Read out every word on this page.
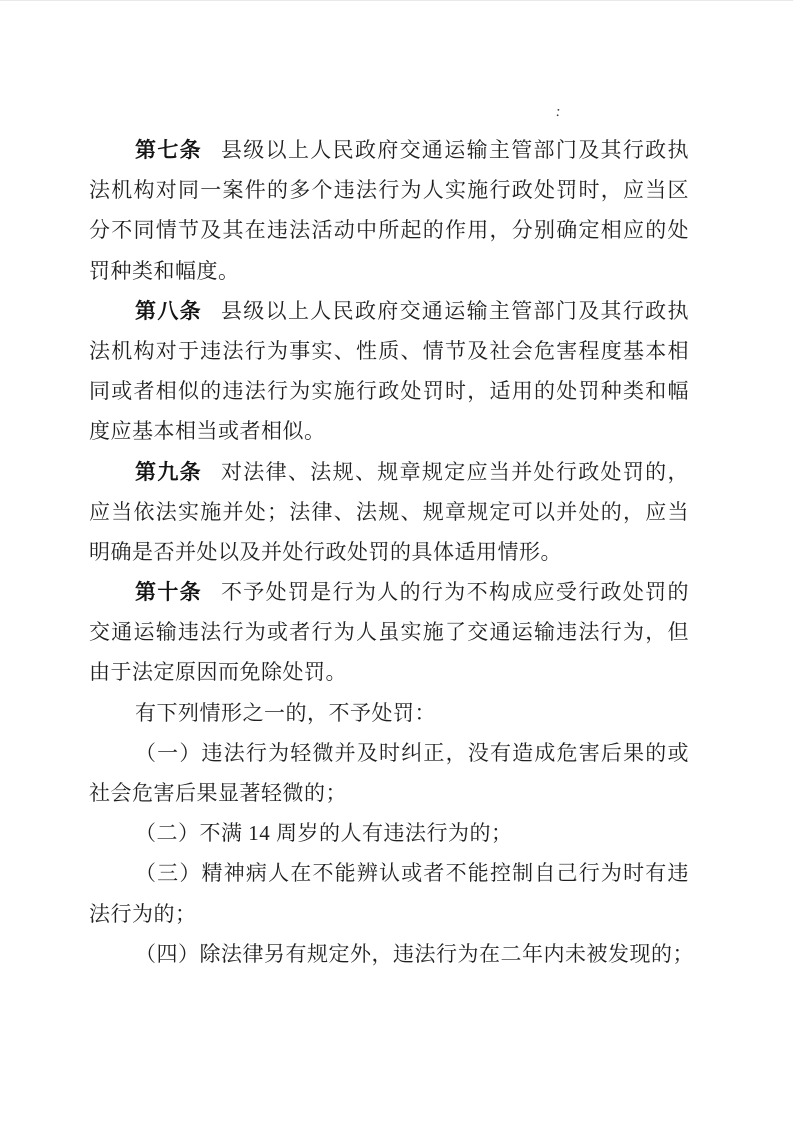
:
第七条 县级以上人民政府交通运输主管部门及其行政执
法机构对同一案件的多个违法行为人实施行政处罚时，应当区
分不同情节及其在违法活动中所起的作用，分别确定相应的处
罚种类和幅度。
第八条 县级以上人民政府交通运输主管部门及其行政执
法机构对于违法行为事实、性质、情节及社会危害程度基本相
同或者相似的违法行为实施行政处罚时，适用的处罚种类和幅
度应基本相当或者相似。
第九条 对法律、法规、规章规定应当并处行政处罚的，
应当依法实施并处；法律、法规、规章规定可以并处的，应当
明确是否并处以及并处行政处罚的具体适用情形。
第十条 不予处罚是行为人的行为不构成应受行政处罚的
交通运输违法行为或者行为人虽实施了交通运输违法行为，但
由于法定原因而免除处罚。
有下列情形之一的，不予处罚：
（一）违法行为轻微并及时纠正，没有造成危害后果的或
社会危害后果显著轻微的；
（二）不满 14 周岁的人有违法行为的；
（三）精神病人在不能辨认或者不能控制自己行为时有违
法行为的；
（四）除法律另有规定外，违法行为在二年内未被发现的；
